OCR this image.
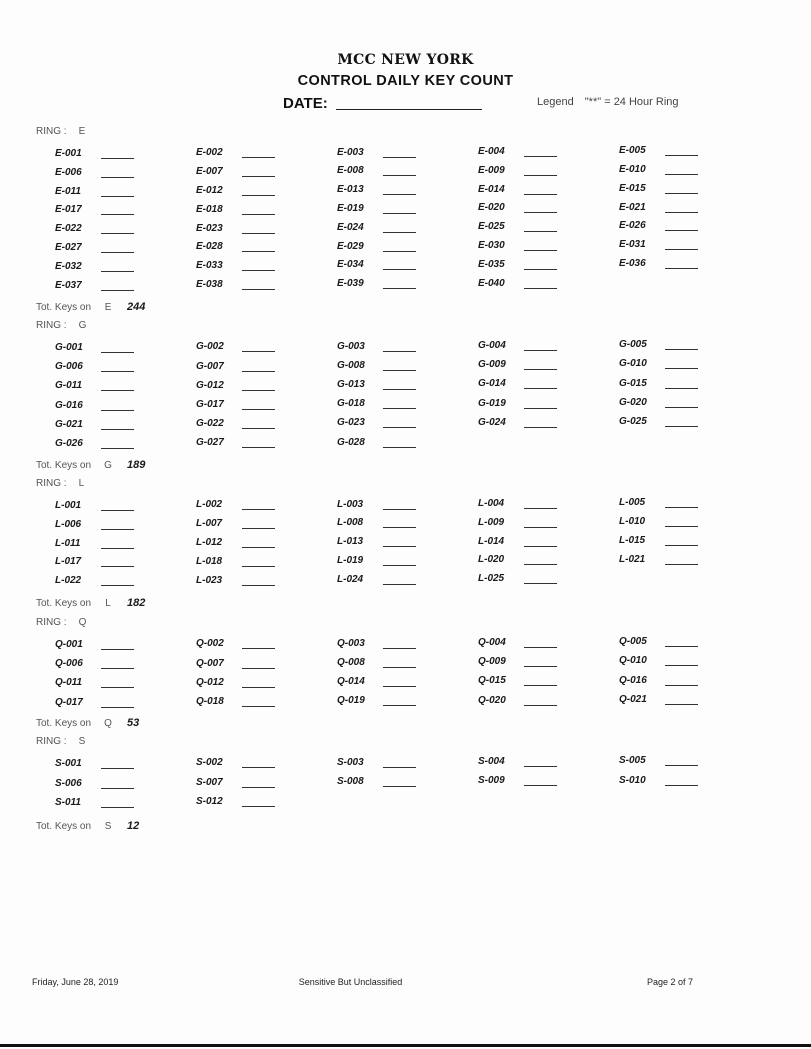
MCC NEW YORK
CONTROL DAILY KEY COUNT
DATE:	Legend "**" = 24 Hour Ring
RING : E
E-001	E-002	E-003	E-004	E-005
E-006	E-007	E-008	E-009	E-010
E-011	E-012	E-013	E-014	E-015
E-017	E-018	E-019	E-020	E-021
E-022	E-023	E-024	E-025	E-026
E-027	E-028	E-029	E-030	E-031
E-032	E-033	E-034	E-035	E-036
E-037	E-038	E-039	E-040
Tot. Keys on E 244
RING : G
G-001	G-002	G-003	G-004	G-005
G-006	G-007	G-008	G-009	G-010
G-011	G-012	G-013	G-014	G-015
G-016	G-017	G-018	G-019	G-020
G-021	G-022	G-023	G-024	G-025
G-026	G-027	G-028
Tot. Keys on G 189
RING : L
L-001	L-002	L-003	L-004	L-005
L-006	L-007	L-008	L-009	L-010
L-011	L-012	L-013	L-014	L-015
L-017	L-018	L-019	L-020	L-021
L-022	L-023	L-024	L-025
Tot. Keys on L 182
RING : Q
Q-001	Q-002	Q-003	Q-004	Q-005
Q-006	Q-007	Q-008	Q-009	Q-010
Q-011	Q-012	Q-014	Q-015	Q-016
Q-017	Q-018	Q-019	Q-020	Q-021
Tot. Keys on Q 53
RING : S
S-001	S-002	S-003	S-004	S-005
S-006	S-007	S-008	S-009	S-010
S-011	S-012
Tot. Keys on S 12
Friday, June 28, 2019	Sensitive But Unclassified	Page 2 of 7
